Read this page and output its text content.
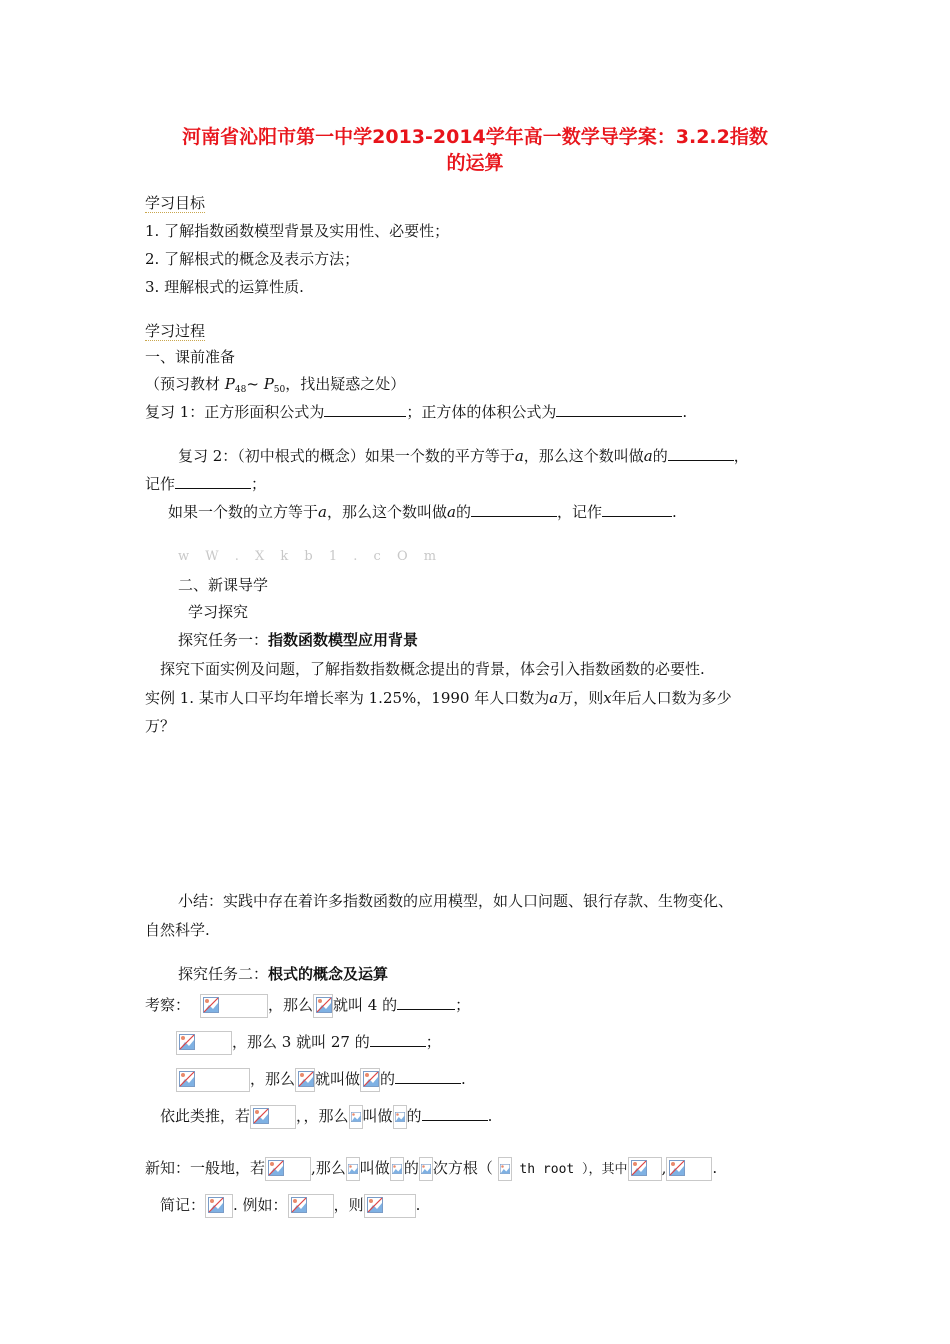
河南省沁阳市第一中学2013-2014学年高一数学导学案：3.2.2指数
的运算
学习目标
1. 了解指数函数模型背景及实用性、必要性；
2. 了解根式的概念及表示方法；
3. 理解根式的运算性质.
学习过程
一、课前准备
（预习教材 $P_{48}\sim$ $P_{50}$，找出疑惑之处）
复习 1：正方形面积公式为	；正方体的体积公式为	.
复习 2：（初中根式的概念）如果一个数的平方等于a，那么这个数叫做a的	，
记作	；
如果一个数的立方等于a，那么这个数叫做a的	，记作	.
w W . X k b 1 . c O m
二、新课导学
学习探究
探究任务一：指数函数模型应用背景
探究下面实例及问题，了解指数指数概念提出的背景，体会引入指数函数的必要性.
实例 1. 某市人口平均年增长率为 1.25%，1990 年人口数为a万，则x年后人口数为多少
万？
小结：实践中存在着许多指数函数的应用模型，如人口问题、银行存款、生物变化、
自然科学.
探究任务二：根式的概念及运算
考察：	，那么 就叫 4 的	；
，那么 3 就叫 27 的	；
，那么 就叫做 的	.
依此类推，若	，，那么 叫做 的	.
新知：一般地，若	,那么 叫做 的 次方根（
th root ），其中 ,	.
简记： . 例如：	，则	.
